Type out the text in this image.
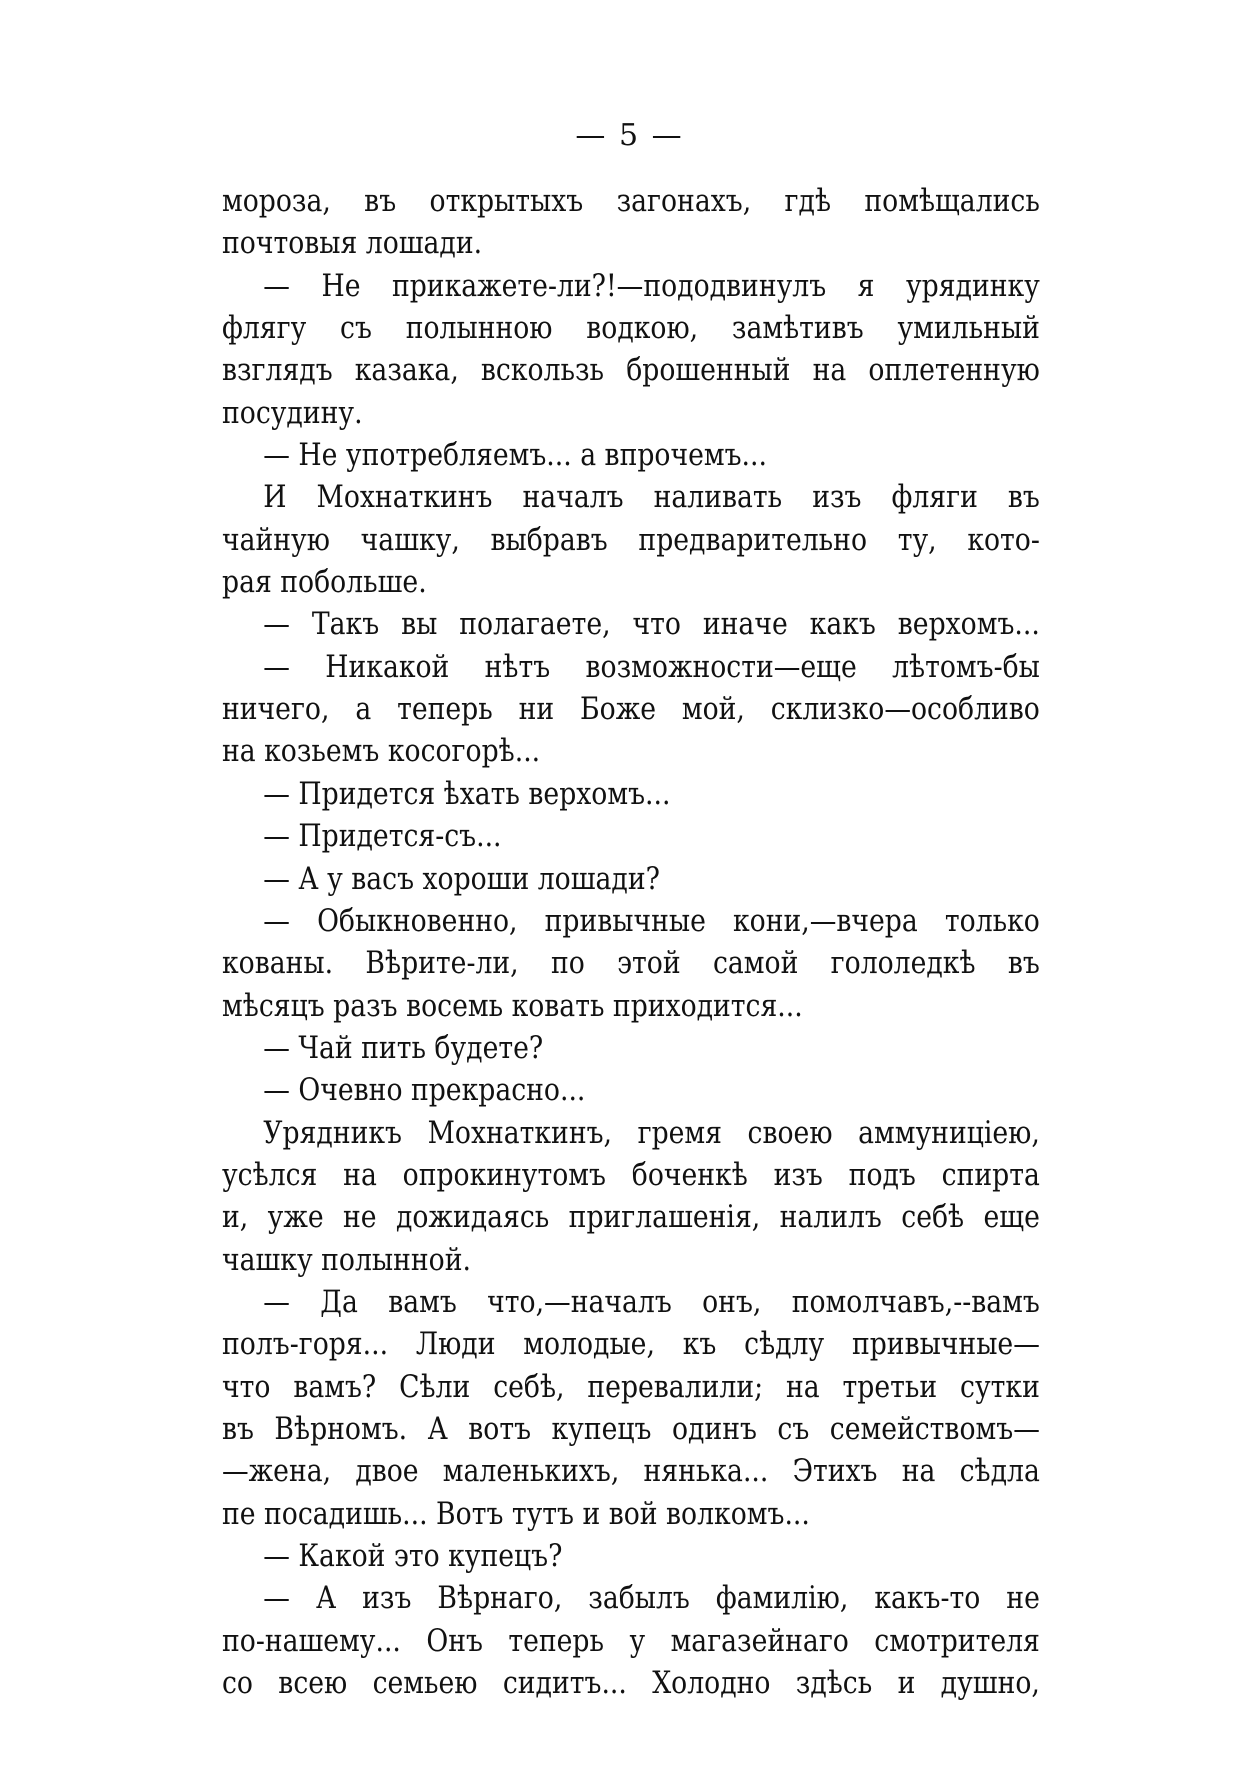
— 5 —
мороза, въ открытыхъ загонахъ, гдѣ помѣщались
почтовыя лошади.
— Не прикажете-ли?!—пододвинулъ я урядинку
флягу съ полынною водкою, замѣтивъ умильный
взглядъ казака, вскользь брошенный на оплетенную
посудину.
— Не употребляемъ... а впрочемъ...
И Мохнаткинъ началъ наливать изъ фляги въ
чайную чашку, выбравъ предварительно ту, кото-
рая побольше.
— Такъ вы полагаете, что иначе какъ верхомъ...
— Никакой нѣтъ возможности—еще лѣтомъ-бы
ничего, а теперь ни Боже мой, склизко—особливо
на козьемъ косогорѣ...
— Придется ѣхать верхомъ...
— Придется-съ...
— А у васъ хороши лошади?
— Обыкновенно, привычные кони,—вчера только
кованы. Вѣрите-ли, по этой самой гололедкѣ въ
мѣсяцъ разъ восемь ковать приходится...
— Чай пить будете?
— Очевно прекрасно...
Урядникъ Мохнаткинъ, гремя своею аммуницiею,
усѣлся на опрокинутомъ боченкѣ изъ подъ спирта
и, уже не дожидаясь приглашенiя, налилъ себѣ еще
чашку полынной.
— Да вамъ что,—началъ онъ, помолчавъ,--вамъ
полъ-горя... Люди молодые, къ сѣдлу привычные—
что вамъ? Сѣли себѣ, перевалили; на третьи сутки
въ Вѣрномъ. А вотъ купецъ одинъ съ семействомъ—
—жена, двое маленькихъ, нянька... Этихъ на сѣдла
пе посадишь... Вотъ тутъ и вой волкомъ...
— Какой это купецъ?
— А изъ Вѣрнаго, забылъ фамилiю, какъ-то не
по-нашему... Онъ теперь у магазейнаго смотрителя
со всею семьею сидитъ... Холодно здѣсь и душно,
